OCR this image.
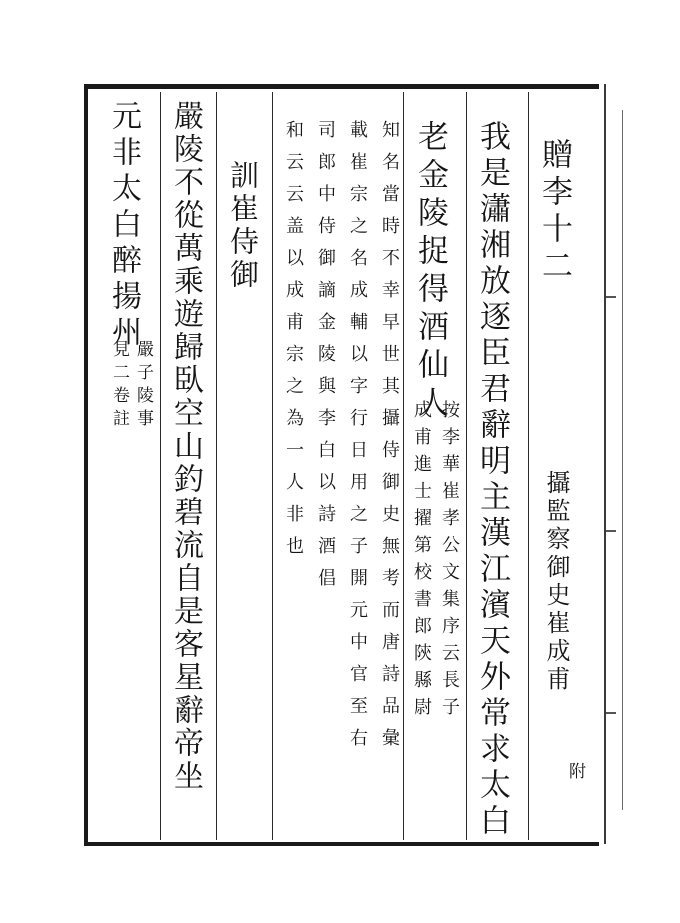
贈李十二
攝監察御史崔成甫
附
我是瀟湘放逐臣君辭明主漢江濱天外常求太白
老金陵捉得酒仙人
按李華崔孝公文集序云長子
成甫進士擢第校書郎陝縣尉
知名當時不幸早世其攝侍御史無考而唐詩品彙
載崔宗之名成輔以字行日用之子開元中官至右
司郎中侍御謫金陵與李白以詩酒倡
和云云盖以成甫宗之為一人非也
訓崔侍御
嚴陵不從萬乘遊歸臥空山釣碧流自是客星辭帝坐
元非太白醉揚州
嚴子陵事
見二卷註
